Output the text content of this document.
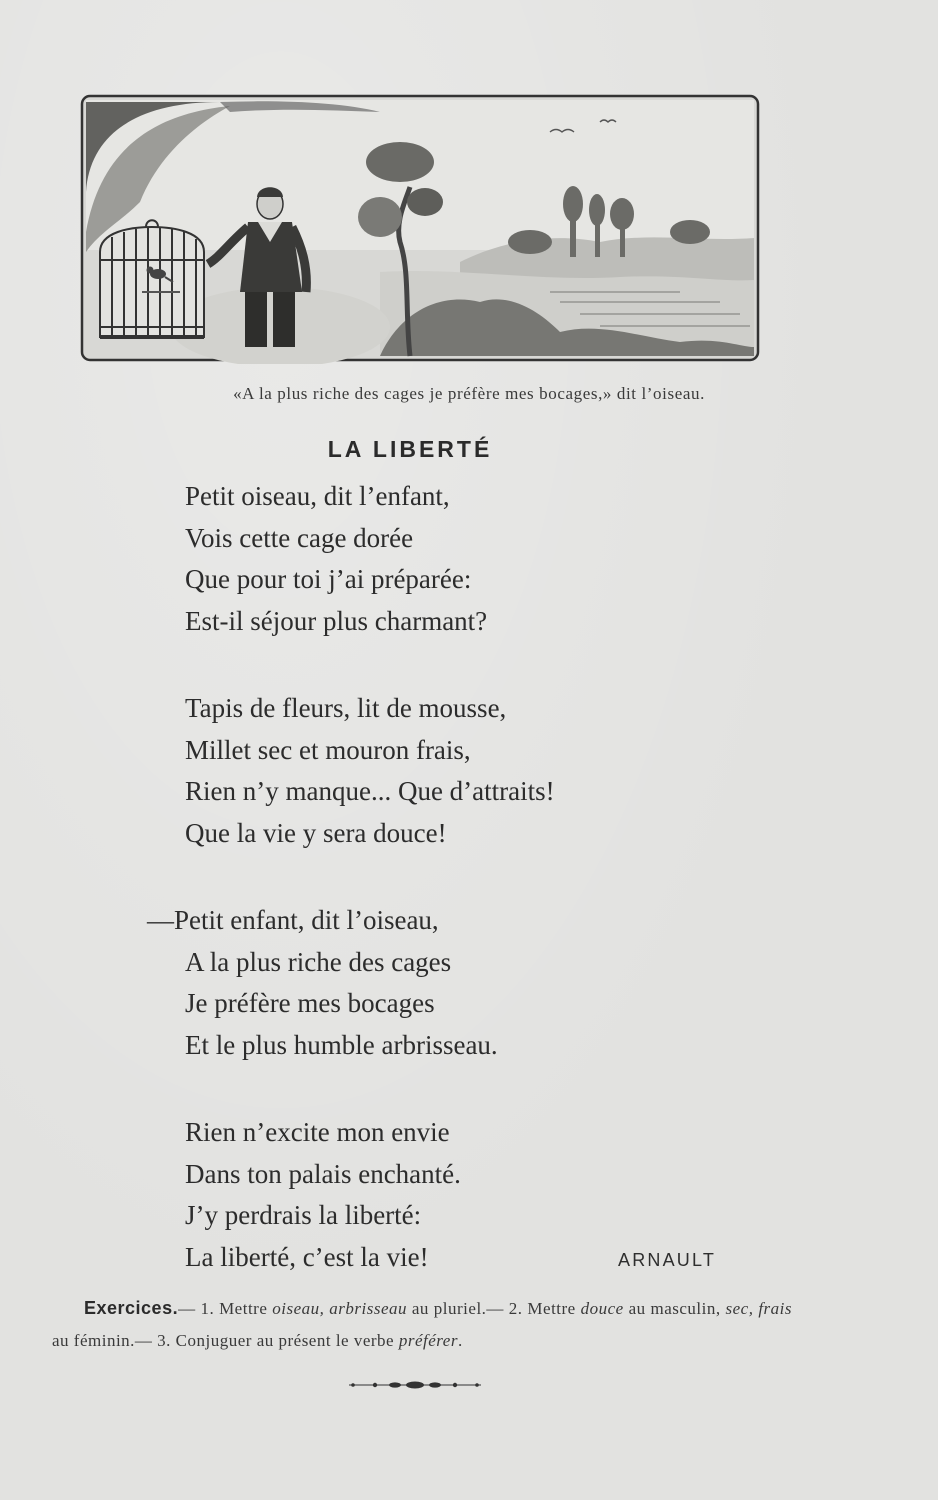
«A la plus riche des cages je préfère mes bocages,» dit l’oiseau.
LA LIBERTÉ
Petit oiseau, dit l’enfant,
Vois cette cage dorée
Que pour toi j’ai préparée:
Est-il séjour plus charmant?
Tapis de fleurs, lit de mousse,
Millet sec et mouron frais,
Rien n’y manque... Que d’attraits!
Que la vie y sera douce!
—Petit enfant, dit l’oiseau,
A la plus riche des cages
Je préfère mes bocages
Et le plus humble arbrisseau.
Rien n’excite mon envie
Dans ton palais enchanté.
J’y perdrais la liberté:
La liberté, c’est la vie!	ARNAULT
Exercices.— 1. Mettre oiseau, arbrisseau au pluriel.— 2. Mettre douce au masculin, sec, frais au féminin.— 3. Conjuguer au présent le verbe préférer.
